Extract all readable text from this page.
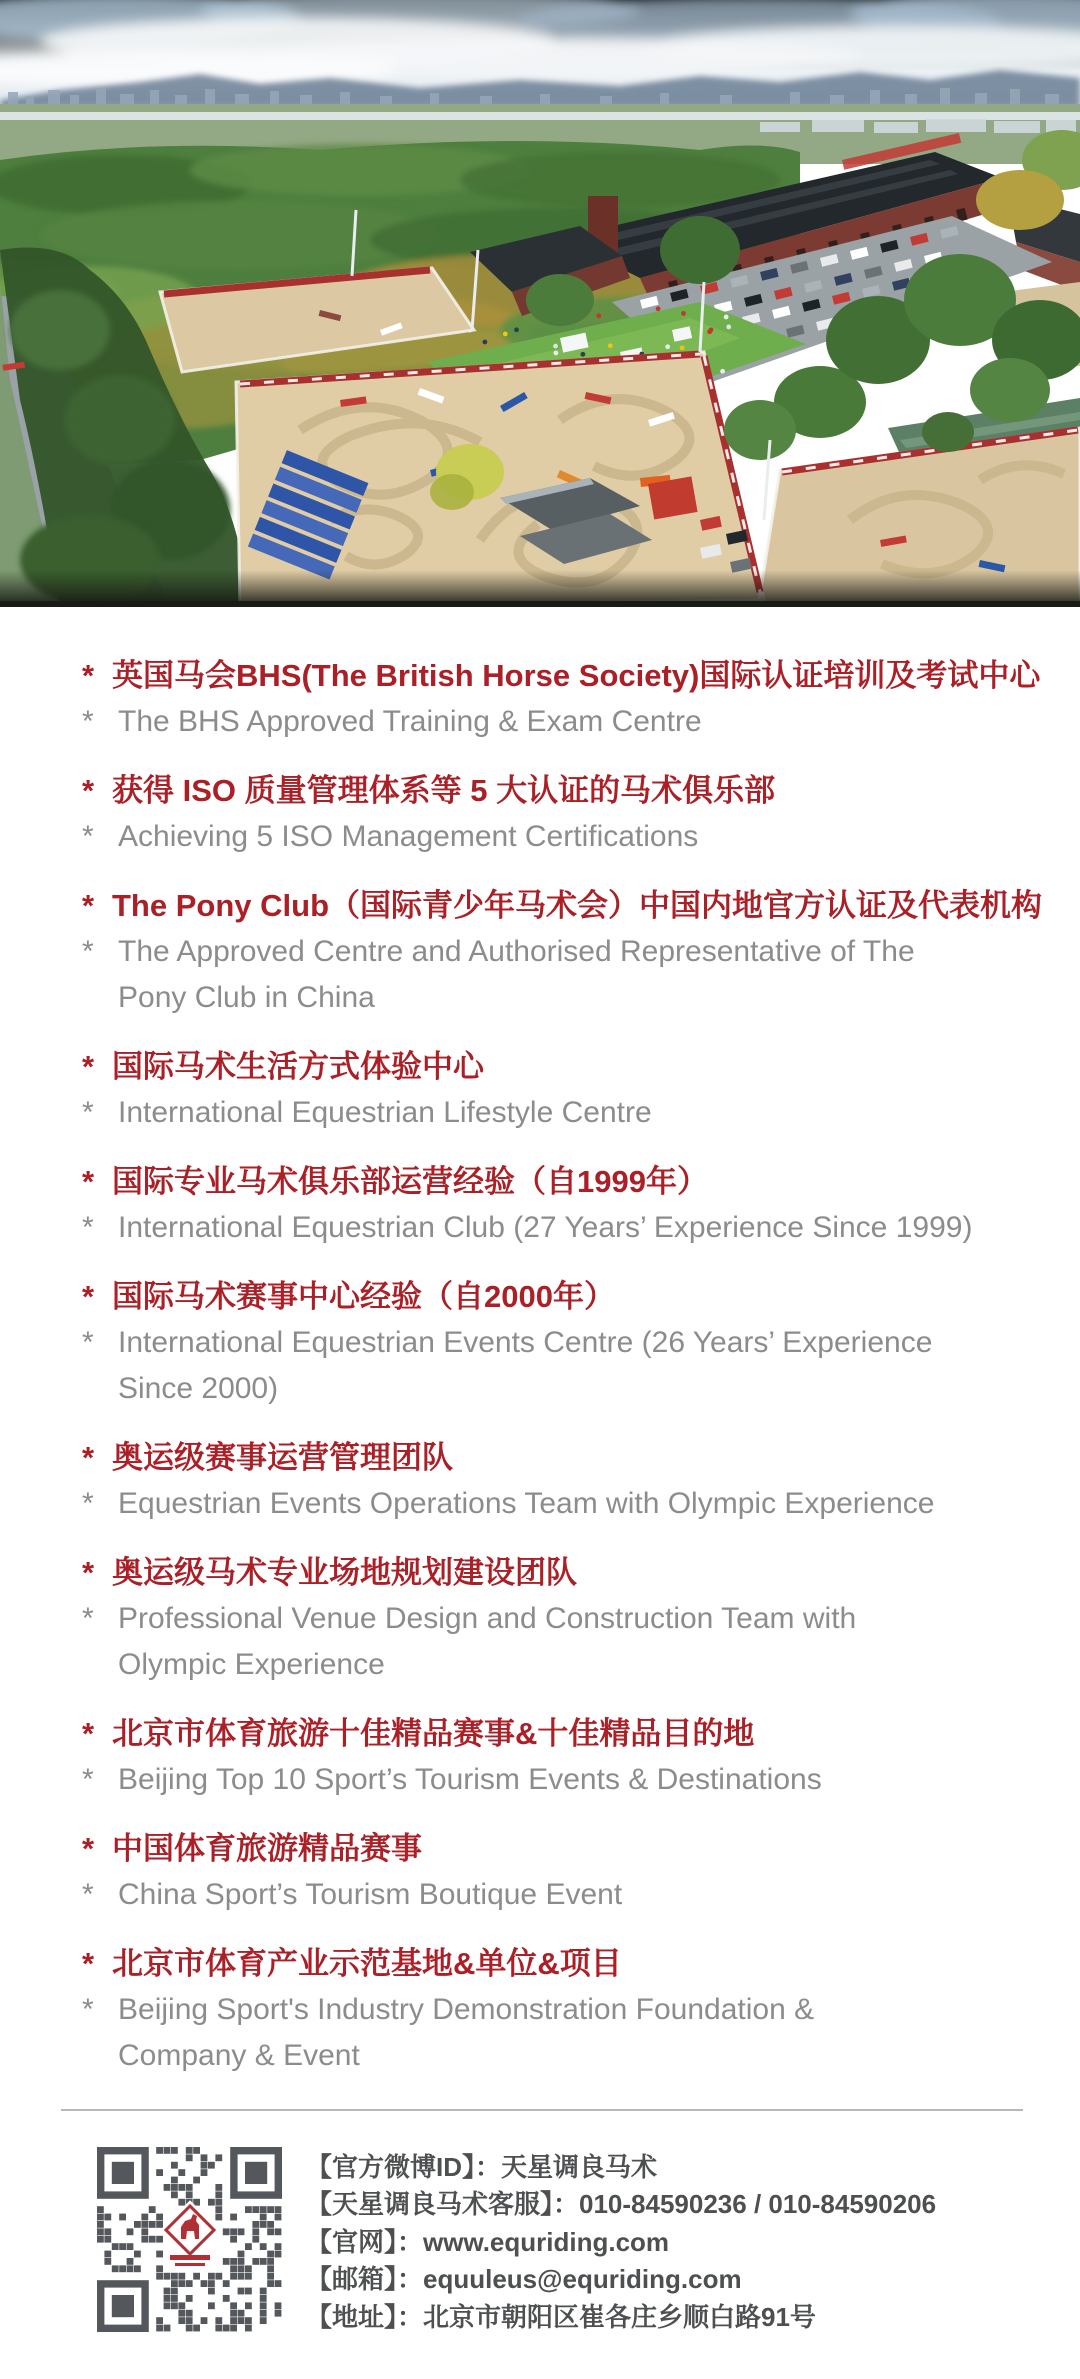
* 英国马会BHS(The British Horse Society)国际认证培训及考试中心
* The BHS Approved Training & Exam Centre
* 获得 ISO 质量管理体系等 5 大认证的马术俱乐部
* Achieving 5 ISO Management Certifications
* The Pony Club（国际青少年马术会）中国内地官方认证及代表机构
* The Approved Centre and Authorised Representative of The
Pony Club in China
* 国际马术生活方式体验中心
* International Equestrian Lifestyle Centre
* 国际专业马术俱乐部运营经验（自1999年）
* International Equestrian Club (27 Years’ Experience Since 1999)
* 国际马术赛事中心经验（自2000年）
* International Equestrian Events Centre (26 Years’ Experience
Since 2000)
* 奥运级赛事运营管理团队
* Equestrian Events Operations Team with Olympic Experience
* 奥运级马术专业场地规划建设团队
* Professional Venue Design and Construction Team with
Olympic Experience
* 北京市体育旅游十佳精品赛事&十佳精品目的地
* Beijing Top 10 Sport’s Tourism Events & Destinations
* 中国体育旅游精品赛事
* China Sport’s Tourism Boutique Event
* 北京市体育产业示范基地&单位&项目
* Beijing Sport's Industry Demonstration Foundation &
Company & Event
【官方微博ID】：天星调良马术
【天星调良马术客服】：010-84590236 / 010-84590206
【官网】：www.equriding.com
【邮箱】：equuleus@equriding.com
【地址】：北京市朝阳区崔各庄乡顺白路91号
